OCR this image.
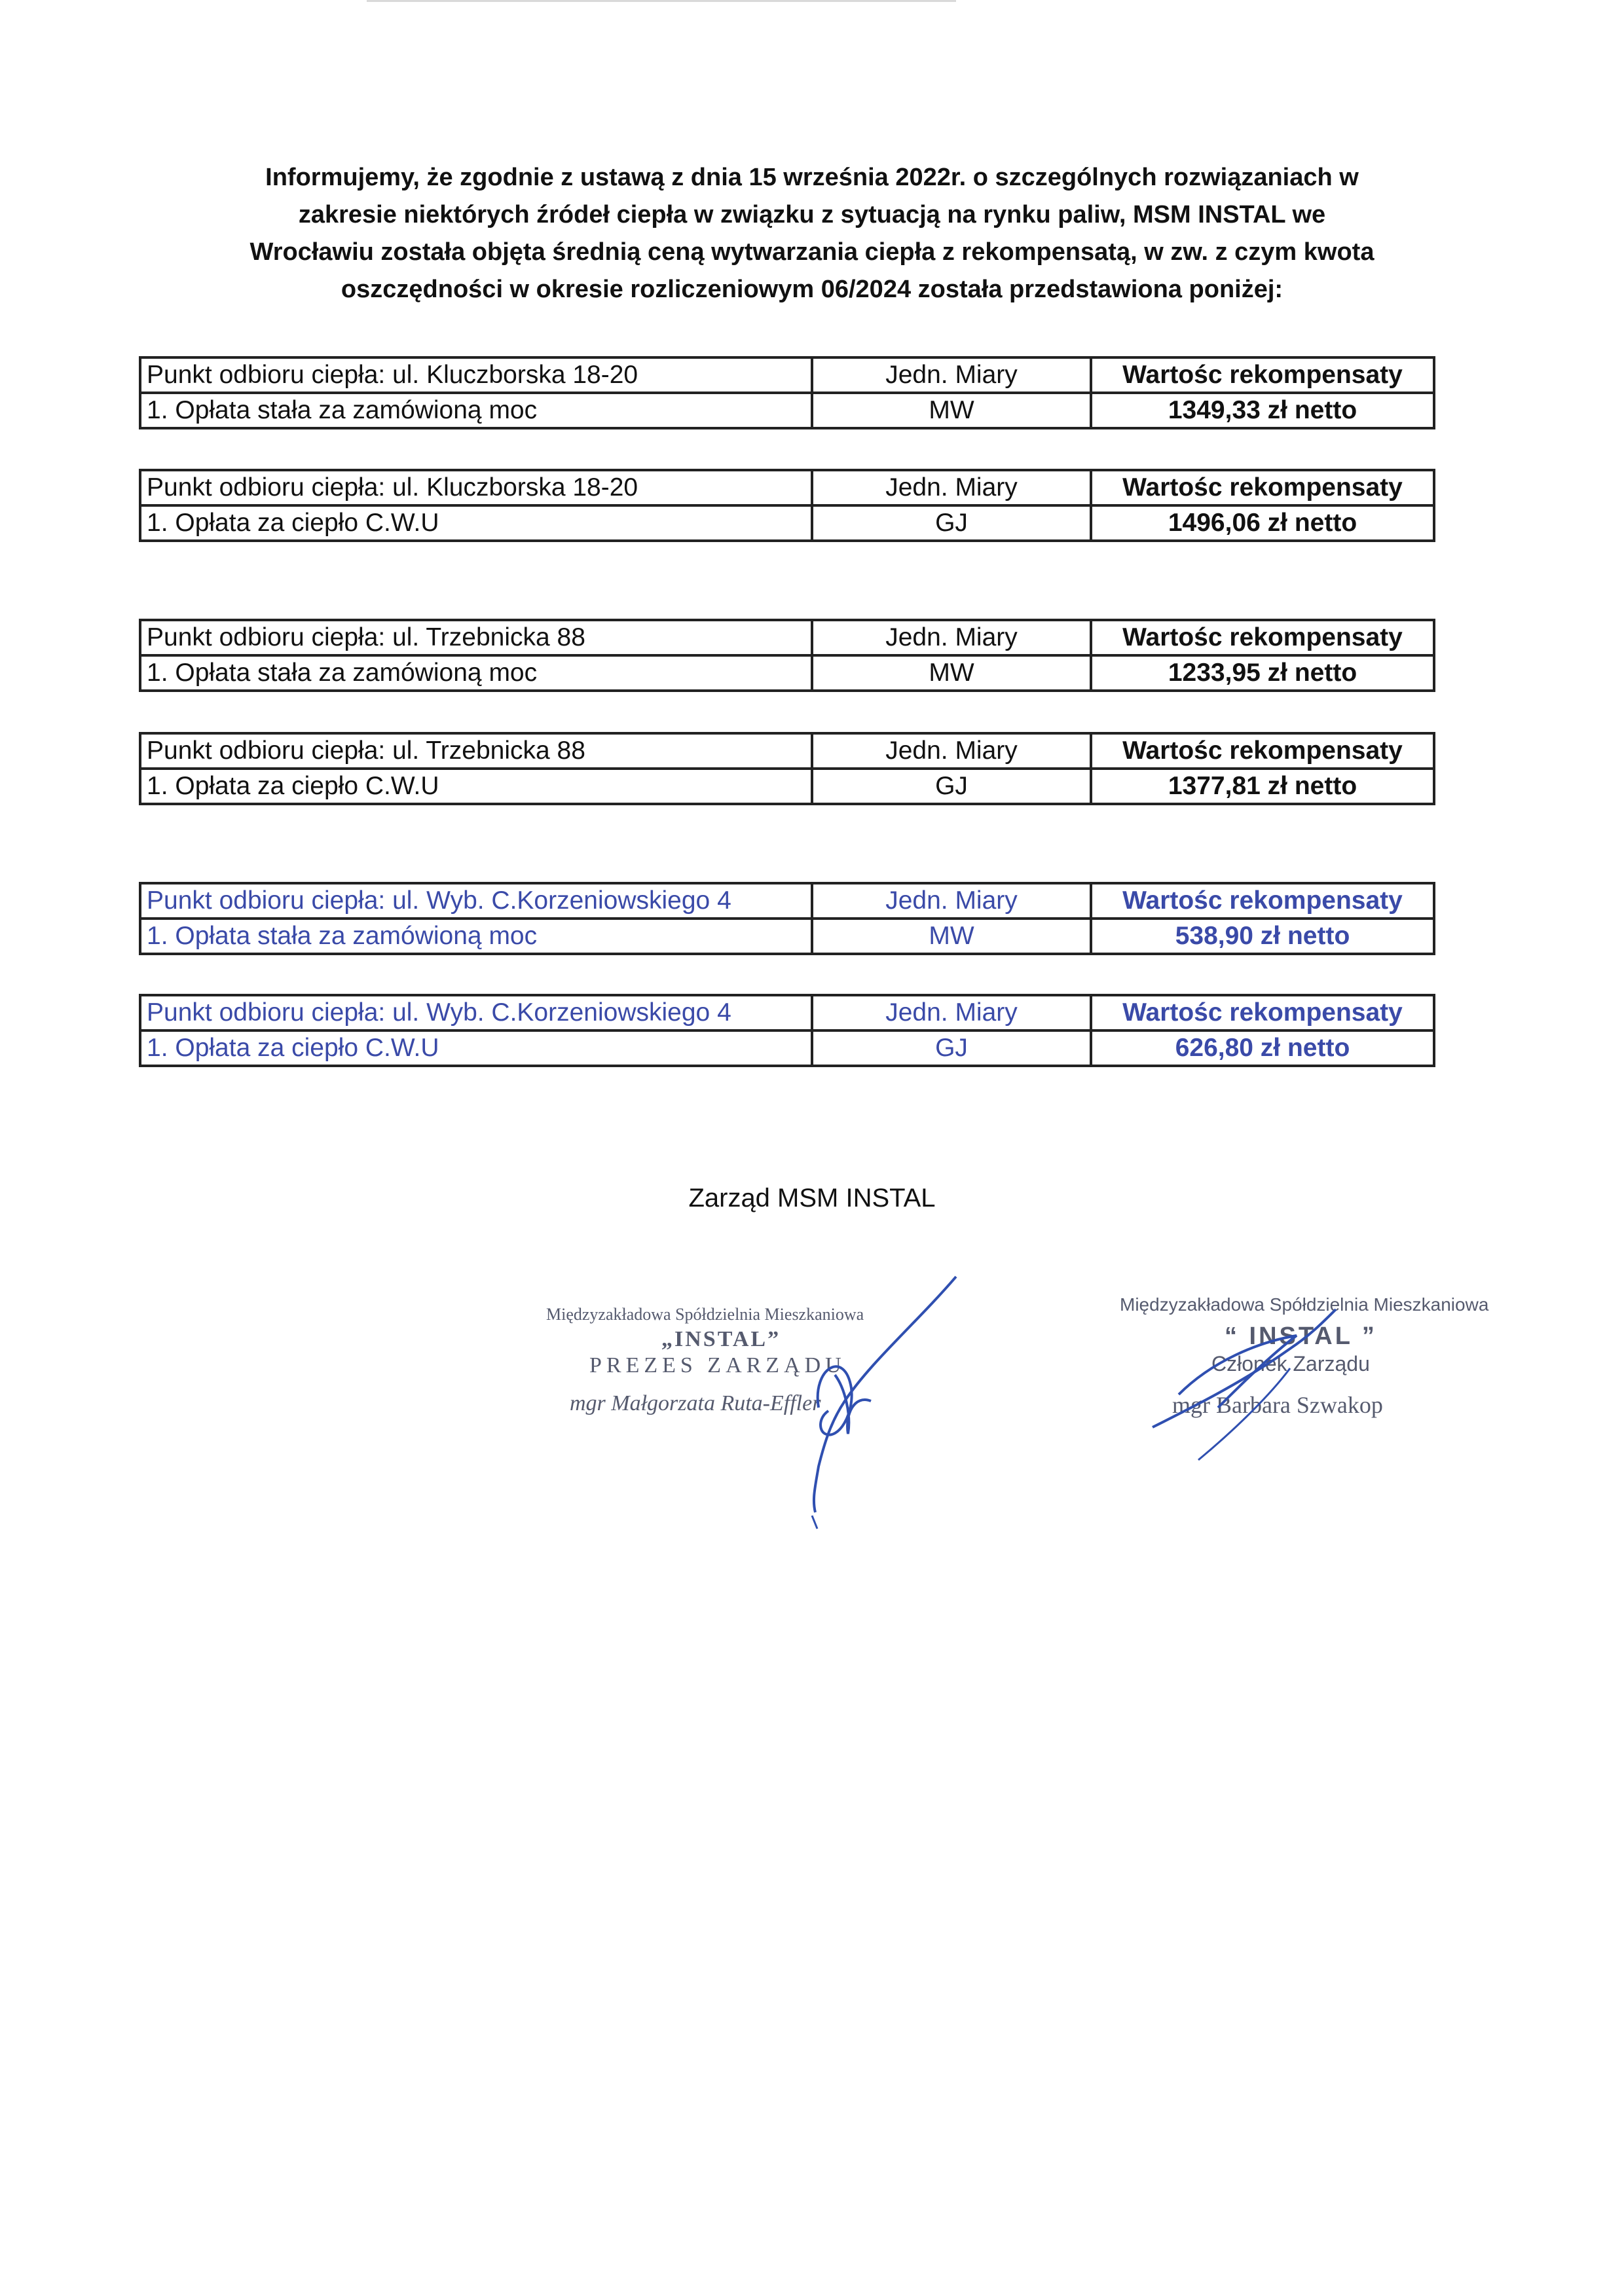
Informujemy, że zgodnie z ustawą z dnia 15 września 2022r. o szczególnych rozwiązaniach w
zakresie niektórych źródeł ciepła w związku z sytuacją na rynku paliw, MSM INSTAL we
Wrocławiu została objęta średnią ceną wytwarzania ciepła z rekompensatą, w zw. z czym kwota
oszczędności w okresie rozliczeniowym 06/2024 została przedstawiona poniżej:
Punkt odbioru ciepła: ul. Kluczborska 18-20	Jedn. Miary	Wartośc rekompensaty
1. Opłata stała za zamówioną moc	MW	1349,33 zł netto
Punkt odbioru ciepła: ul. Kluczborska 18-20	Jedn. Miary	Wartośc rekompensaty
1. Opłata za ciepło C.W.U	GJ	1496,06 zł netto
Punkt odbioru ciepła: ul. Trzebnicka 88	Jedn. Miary	Wartośc rekompensaty
1. Opłata stała za zamówioną moc	MW	1233,95 zł netto
Punkt odbioru ciepła: ul. Trzebnicka 88	Jedn. Miary	Wartośc rekompensaty
1. Opłata za ciepło C.W.U	GJ	1377,81 zł netto
Punkt odbioru ciepła: ul. Wyb. C.Korzeniowskiego 4	Jedn. Miary	Wartośc rekompensaty
1. Opłata stała za zamówioną moc	MW	538,90 zł netto
Punkt odbioru ciepła: ul. Wyb. C.Korzeniowskiego 4	Jedn. Miary	Wartośc rekompensaty
1. Opłata za ciepło C.W.U	GJ	626,80 zł netto
Zarząd MSM INSTAL
Międzyzakładowa Spółdzielnia Mieszkaniowa
„INSTAL”
PREZES ZARZĄDU
mgr Małgorzata Ruta-Effler
Międzyzakładowa Spółdzielnia Mieszkaniowa
“ INSTAL ”
Członek Zarządu
mgr Barbara Szwakop
